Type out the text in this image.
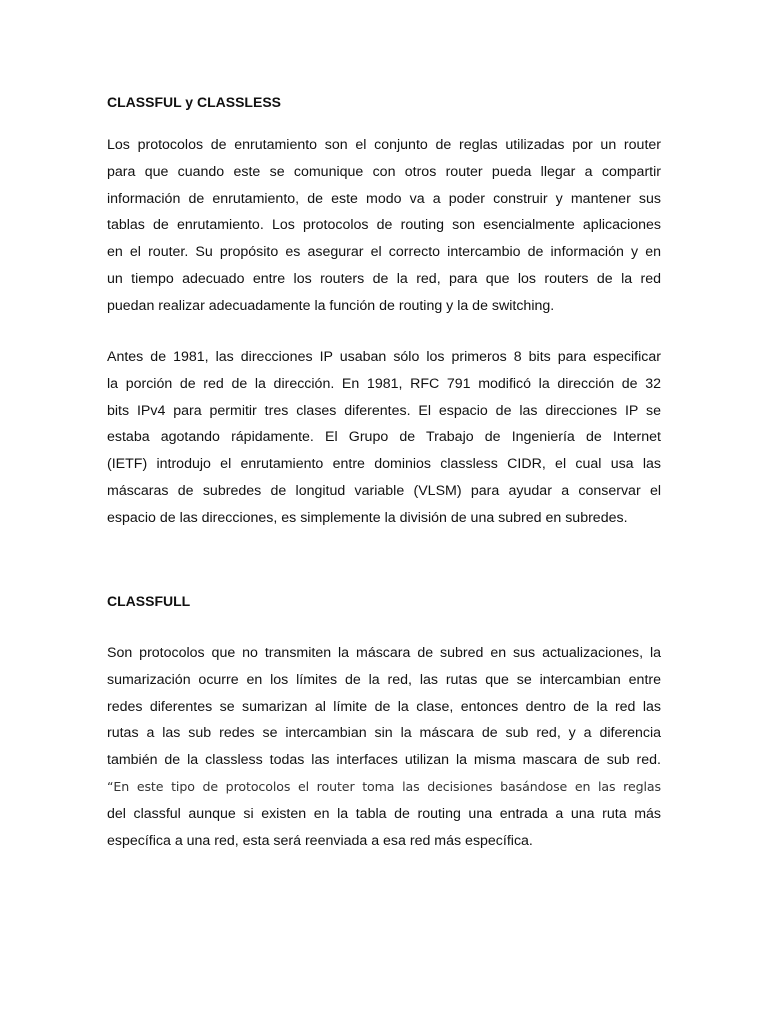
CLASSFUL y CLASSLESS
Los protocolos de enrutamiento son el conjunto de reglas utilizadas por un router
para que cuando este se comunique con otros router pueda llegar a compartir
información de enrutamiento, de este modo va a poder construir y mantener sus
tablas de enrutamiento. Los protocolos de routing son esencialmente aplicaciones
en el router. Su propósito es asegurar el correcto intercambio de información y en
un tiempo adecuado entre los routers de la red, para que los routers de la red
puedan realizar adecuadamente la función de routing y la de switching.
Antes de 1981, las direcciones IP usaban sólo los primeros 8 bits para especificar
la porción de red de la dirección. En 1981, RFC 791 modificó la dirección de 32
bits IPv4 para permitir tres clases diferentes. El espacio de las direcciones IP se
estaba agotando rápidamente. El Grupo de Trabajo de Ingeniería de Internet
(IETF) introdujo el enrutamiento entre dominios classless CIDR, el cual usa las
máscaras de subredes de longitud variable (VLSM) para ayudar a conservar el
espacio de las direcciones, es simplemente la división de una subred en subredes.
CLASSFULL
Son protocolos que no transmiten la máscara de subred en sus actualizaciones, la
sumarización ocurre en los límites de la red, las rutas que se intercambian entre
redes diferentes se sumarizan al límite de la clase, entonces dentro de la red las
rutas a las sub redes se intercambian sin la máscara de sub red, y a diferencia
también de la classless todas las interfaces utilizan la misma mascara de sub red.
“En este tipo de protocolos el router toma las decisiones basándose en las reglas
del classful aunque si existen en la tabla de routing una entrada a una ruta más
específica a una red, esta será reenviada a esa red más específica.
